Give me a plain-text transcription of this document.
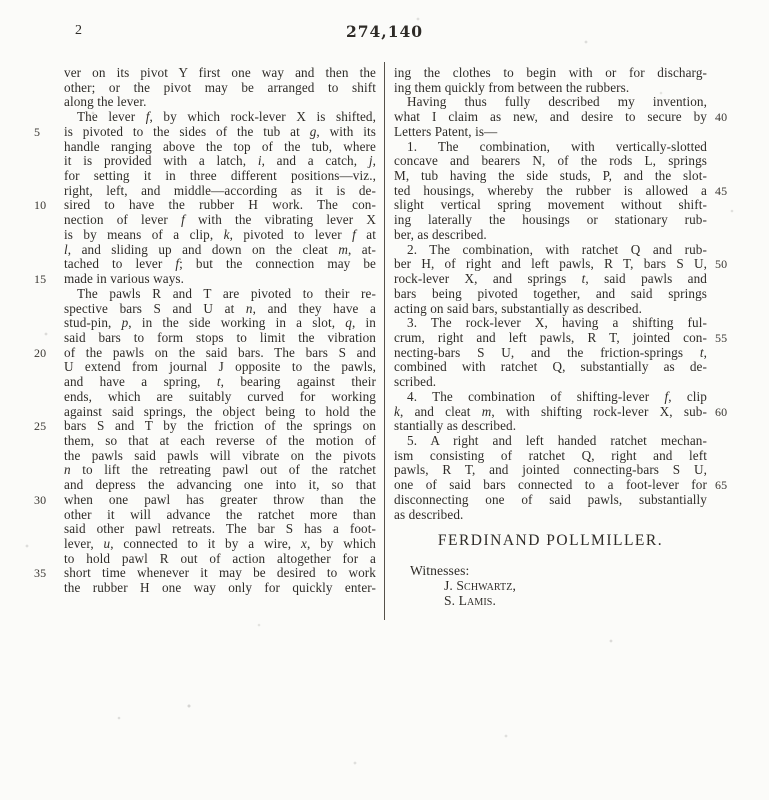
2	274,140
ver on its pivot Y first one way and then the
other; or the pivot may be arranged to shift
along the lever.
The lever f, by which rock-lever X is shifted,
5	is pivoted to the sides of the tub at g, with its
handle ranging above the top of the tub, where
it is provided with a latch, i, and a catch, j,
for setting it in three different positions—viz.,
right, left, and middle—according as it is de-
10	sired to have the rubber H work. The con-
nection of lever f with the vibrating lever X
is by means of a clip, k, pivoted to lever f at
l, and sliding up and down on the cleat m, at-
tached to lever f; but the connection may be
15	made in various ways.
The pawls R and T are pivoted to their re-
spective bars S and U at n, and they have a
stud-pin, p, in the side working in a slot, q, in
said bars to form stops to limit the vibration
20	of the pawls on the said bars. The bars S and
U extend from journal J opposite to the pawls,
and have a spring, t, bearing against their
ends, which are suitably curved for working
against said springs, the object being to hold the
25	bars S and T by the friction of the springs on
them, so that at each reverse of the motion of
the pawls said pawls will vibrate on the pivots
n to lift the retreating pawl out of the ratchet
and depress the advancing one into it, so that
30	when one pawl has greater throw than the
other it will advance the ratchet more than
said other pawl retreats. The bar S has a foot-
lever, u, connected to it by a wire, x, by which
to hold pawl R out of action altogether for a
35	short time whenever it may be desired to work
the rubber H one way only for quickly enter-
ing the clothes to begin with or for discharg-
ing them quickly from between the rubbers.
Having thus fully described my invention,
40
what I claim as new, and desire to secure by
Letters Patent, is—
1. The combination, with vertically-slotted
concave and bearers N, of the rods L, springs
M, tub having the side studs, P, and the slot-
45
ted housings, whereby the rubber is allowed a
slight vertical spring movement without shift-
ing laterally the housings or stationary rub-
ber, as described.
2. The combination, with ratchet Q and rub-
50
ber H, of right and left pawls, R T, bars S U,
rock-lever X, and springs t, said pawls and
bars being pivoted together, and said springs
acting on said bars, substantially as described.
3. The rock-lever X, having a shifting ful-
55
crum, right and left pawls, R T, jointed con-
necting-bars S U, and the friction-springs t,
combined with ratchet Q, substantially as de-
scribed.
4. The combination of shifting-lever f, clip
60
k, and cleat m, with shifting rock-lever X, sub-
stantially as described.
5. A right and left handed ratchet mechan-
ism consisting of ratchet Q, right and left
pawls, R T, and jointed connecting-bars S U,
65
one of said bars connected to a foot-lever for
disconnecting one of said pawls, substantially
as described.
FERDINAND POLLMILLER.
Witnesses:
J. Schwartz,
S. Lamis.
